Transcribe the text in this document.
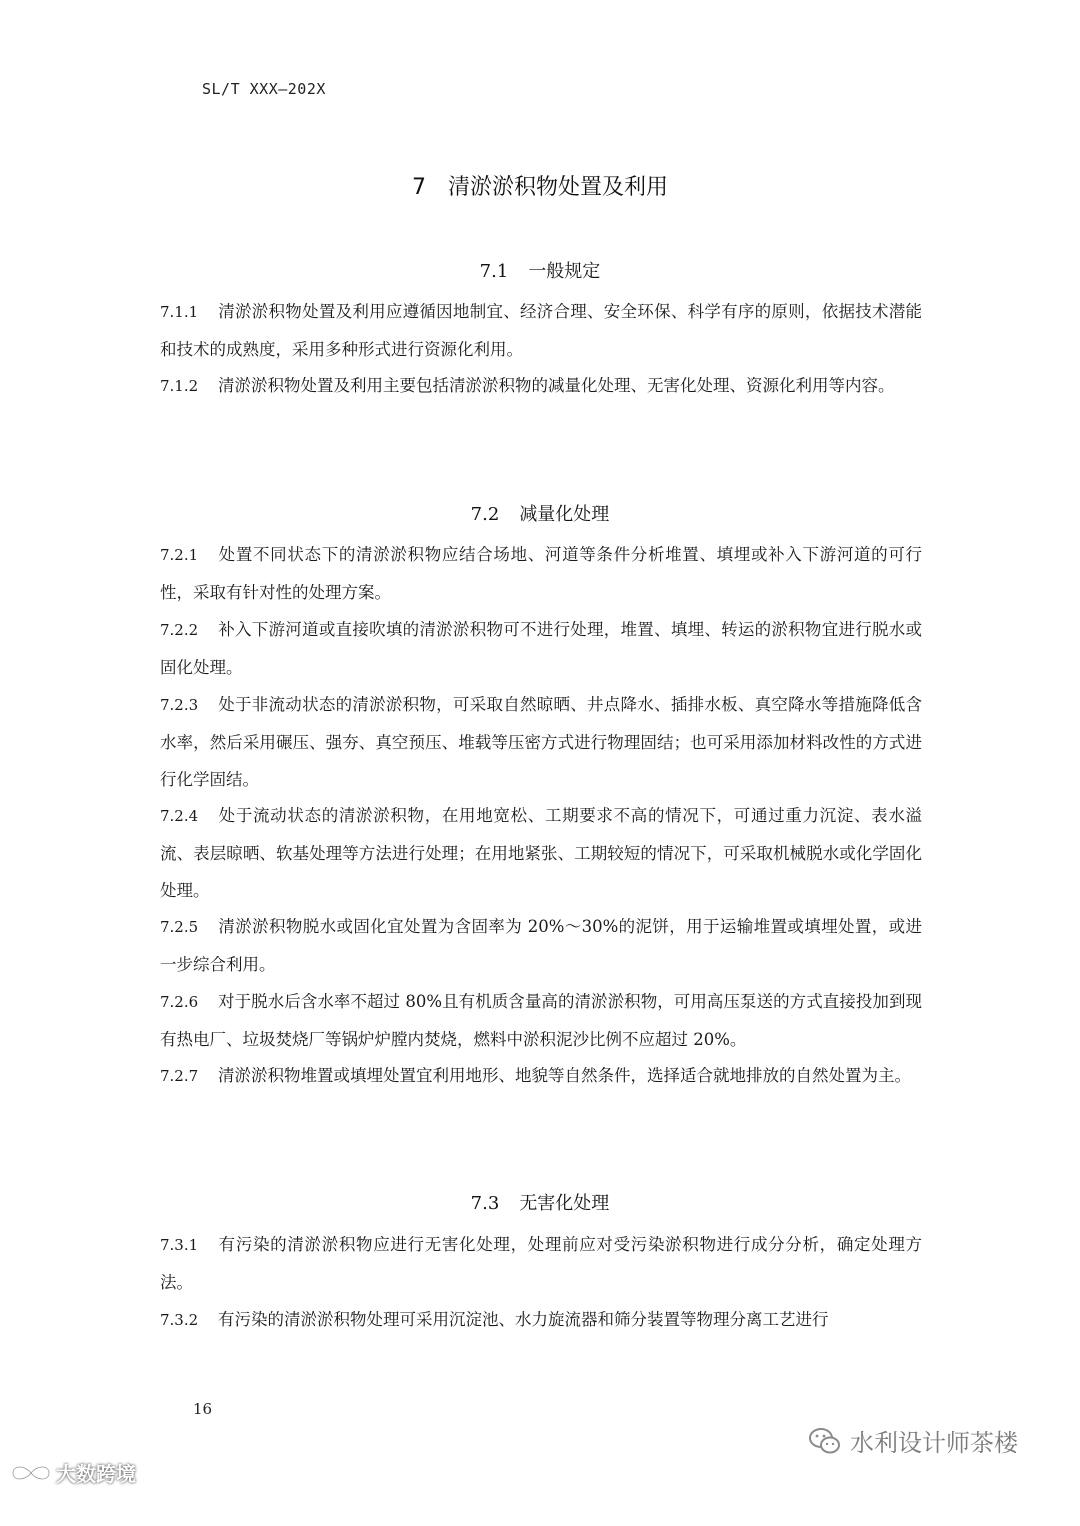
SL/T XXX—202X
7 清淤淤积物处置及利用
7.1 一般规定
7.1.1 清淤淤积物处置及利用应遵循因地制宜、经济合理、安全环保、科学有序的原则，依据技术潜能和技术的成熟度，采用多种形式进行资源化利用。
7.1.2 清淤淤积物处置及利用主要包括清淤淤积物的减量化处理、无害化处理、资源化利用等内容。
7.2 减量化处理
7.2.1 处置不同状态下的清淤淤积物应结合场地、河道等条件分析堆置、填埋或补入下游河道的可行性，采取有针对性的处理方案。
7.2.2 补入下游河道或直接吹填的清淤淤积物可不进行处理，堆置、填埋、转运的淤积物宜进行脱水或固化处理。
7.2.3 处于非流动状态的清淤淤积物，可采取自然晾晒、井点降水、插排水板、真空降水等措施降低含水率，然后采用碾压、强夯、真空预压、堆载等压密方式进行物理固结；也可采用添加材料改性的方式进行化学固结。
7.2.4 处于流动状态的清淤淤积物，在用地宽松、工期要求不高的情况下，可通过重力沉淀、表水溢流、表层晾晒、软基处理等方法进行处理；在用地紧张、工期较短的情况下，可采取机械脱水或化学固化处理。
7.2.5 清淤淤积物脱水或固化宜处置为含固率为 20%～30%的泥饼，用于运输堆置或填埋处置，或进一步综合利用。
7.2.6 对于脱水后含水率不超过 80%且有机质含量高的清淤淤积物，可用高压泵送的方式直接投加到现有热电厂、垃圾焚烧厂等锅炉炉膛内焚烧，燃料中淤积泥沙比例不应超过 20%。
7.2.7 清淤淤积物堆置或填埋处置宜利用地形、地貌等自然条件，选择适合就地排放的自然处置为主。
7.3 无害化处理
7.3.1 有污染的清淤淤积物应进行无害化处理，处理前应对受污染淤积物进行成分分析，确定处理方法。
7.3.2 有污染的清淤淤积物处理可采用沉淀池、水力旋流器和筛分装置等物理分离工艺进行
16
水利设计师茶楼
大数跨境
